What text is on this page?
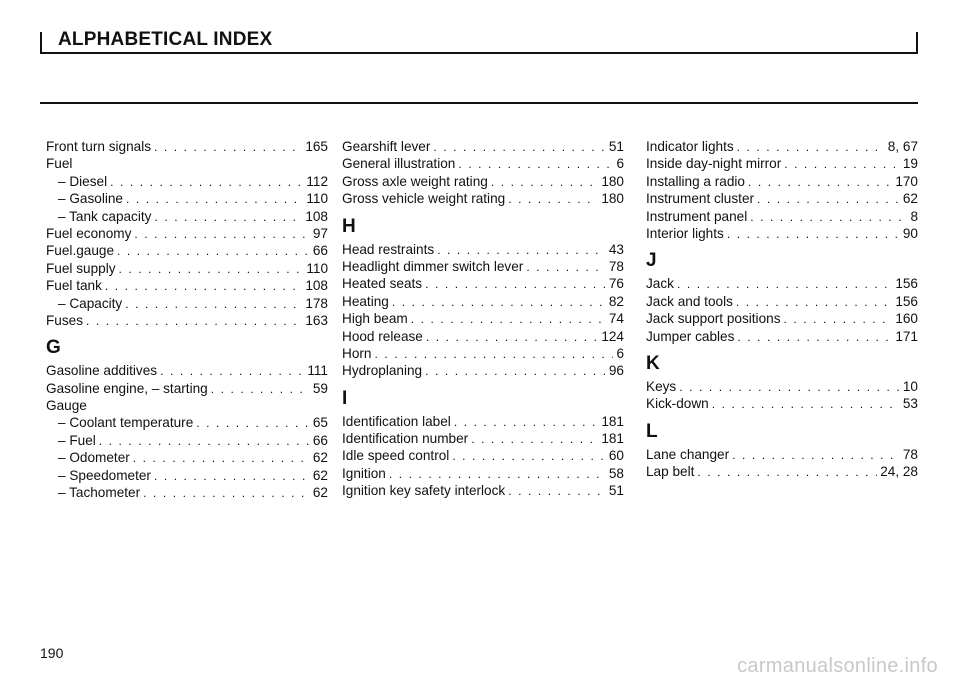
ALPHABETICAL INDEX
Front turn signals . . .	165
Fuel
– Diesel . . .	112
– Gasoline . . .	110
– Tank capacity . . .	108
Fuel economy . . .	97
Fuel.gauge . . .	66
Fuel supply . . .	110
Fuel tank . . .	108
– Capacity . . .	178
Fuses . . .	163
G
Gasoline additives . . .	111
Gasoline engine, – starting . . .	59
Gauge
– Coolant temperature . . .	65
– Fuel . . .	66
– Odometer . . .	62
– Speedometer . . .	62
– Tachometer . . .	62
Gearshift lever . . .	51
General illustration . . .	6
Gross axle weight rating . . .	180
Gross vehicle weight rating . . .	180
H
Head restraints . . .	43
Headlight dimmer switch lever . . .	78
Heated seats . . .	76
Heating . . .	82
High beam . . .	74
Hood release . . .	124
Horn . . .	6
Hydroplaning . . .	96
I
Identification label . . .	181
Identification number . . .	181
Idle speed control . . .	60
Ignition . . .	58
Ignition key safety interlock . . .	51
Indicator lights . . .	8, 67
Inside day-night mirror . . .	19
Installing a radio . . .	170
Instrument cluster . . .	62
Instrument panel . . .	8
Interior lights . . .	90
J
Jack . . .	156
Jack and tools . . .	156
Jack support positions . . .	160
Jumper cables . . .	171
K
Keys . . .	10
Kick-down . . .	53
L
Lane changer . . .	78
Lap belt . . .	24, 28
190
carmanualsonline.info
